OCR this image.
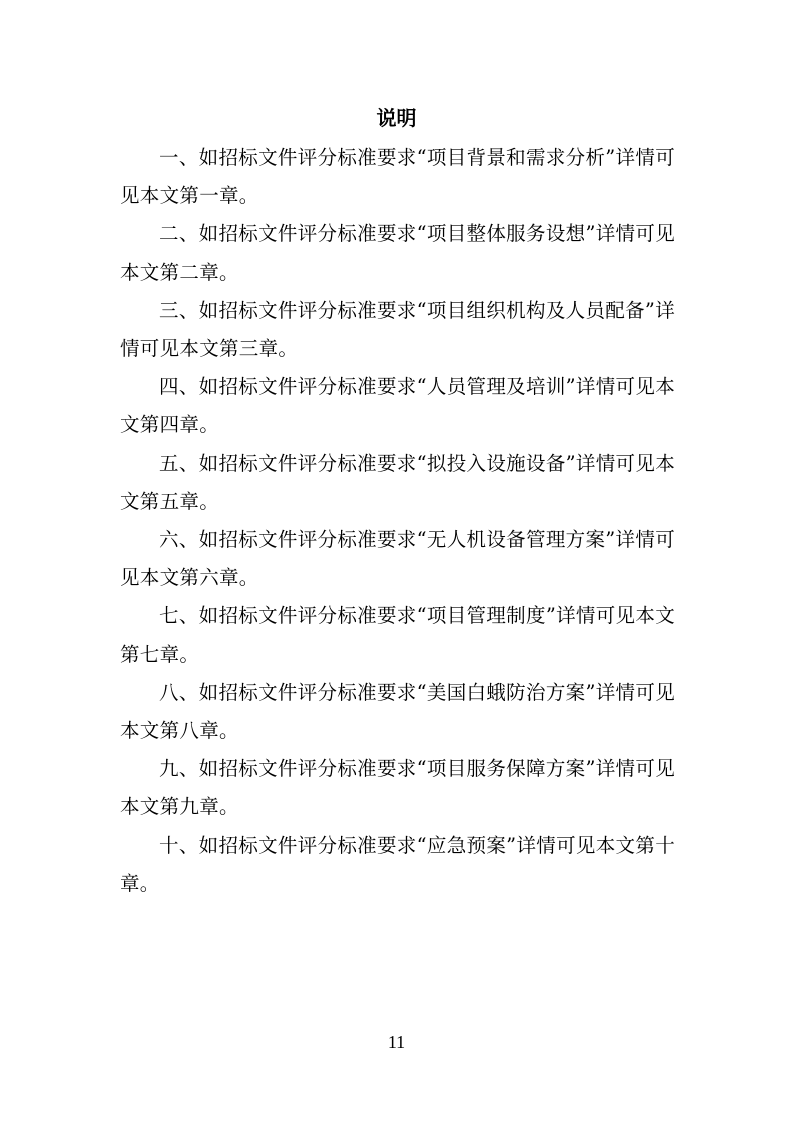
说明

一、如招标文件评分标准要求“项目背景和需求分析”详情可见本文第一章。

二、如招标文件评分标准要求“项目整体服务设想”详情可见本文第二章。

三、如招标文件评分标准要求“项目组织机构及人员配备”详情可见本文第三章。

四、如招标文件评分标准要求“人员管理及培训”详情可见本文第四章。

五、如招标文件评分标准要求“拟投入设施设备”详情可见本文第五章。

六、如招标文件评分标准要求“无人机设备管理方案”详情可见本文第六章。

七、如招标文件评分标准要求“项目管理制度”详情可见本文第七章。

八、如招标文件评分标准要求“美国白蛾防治方案”详情可见本文第八章。

九、如招标文件评分标准要求“项目服务保障方案”详情可见本文第九章。

十、如招标文件评分标准要求“应急预案”详情可见本文第十章。

11
